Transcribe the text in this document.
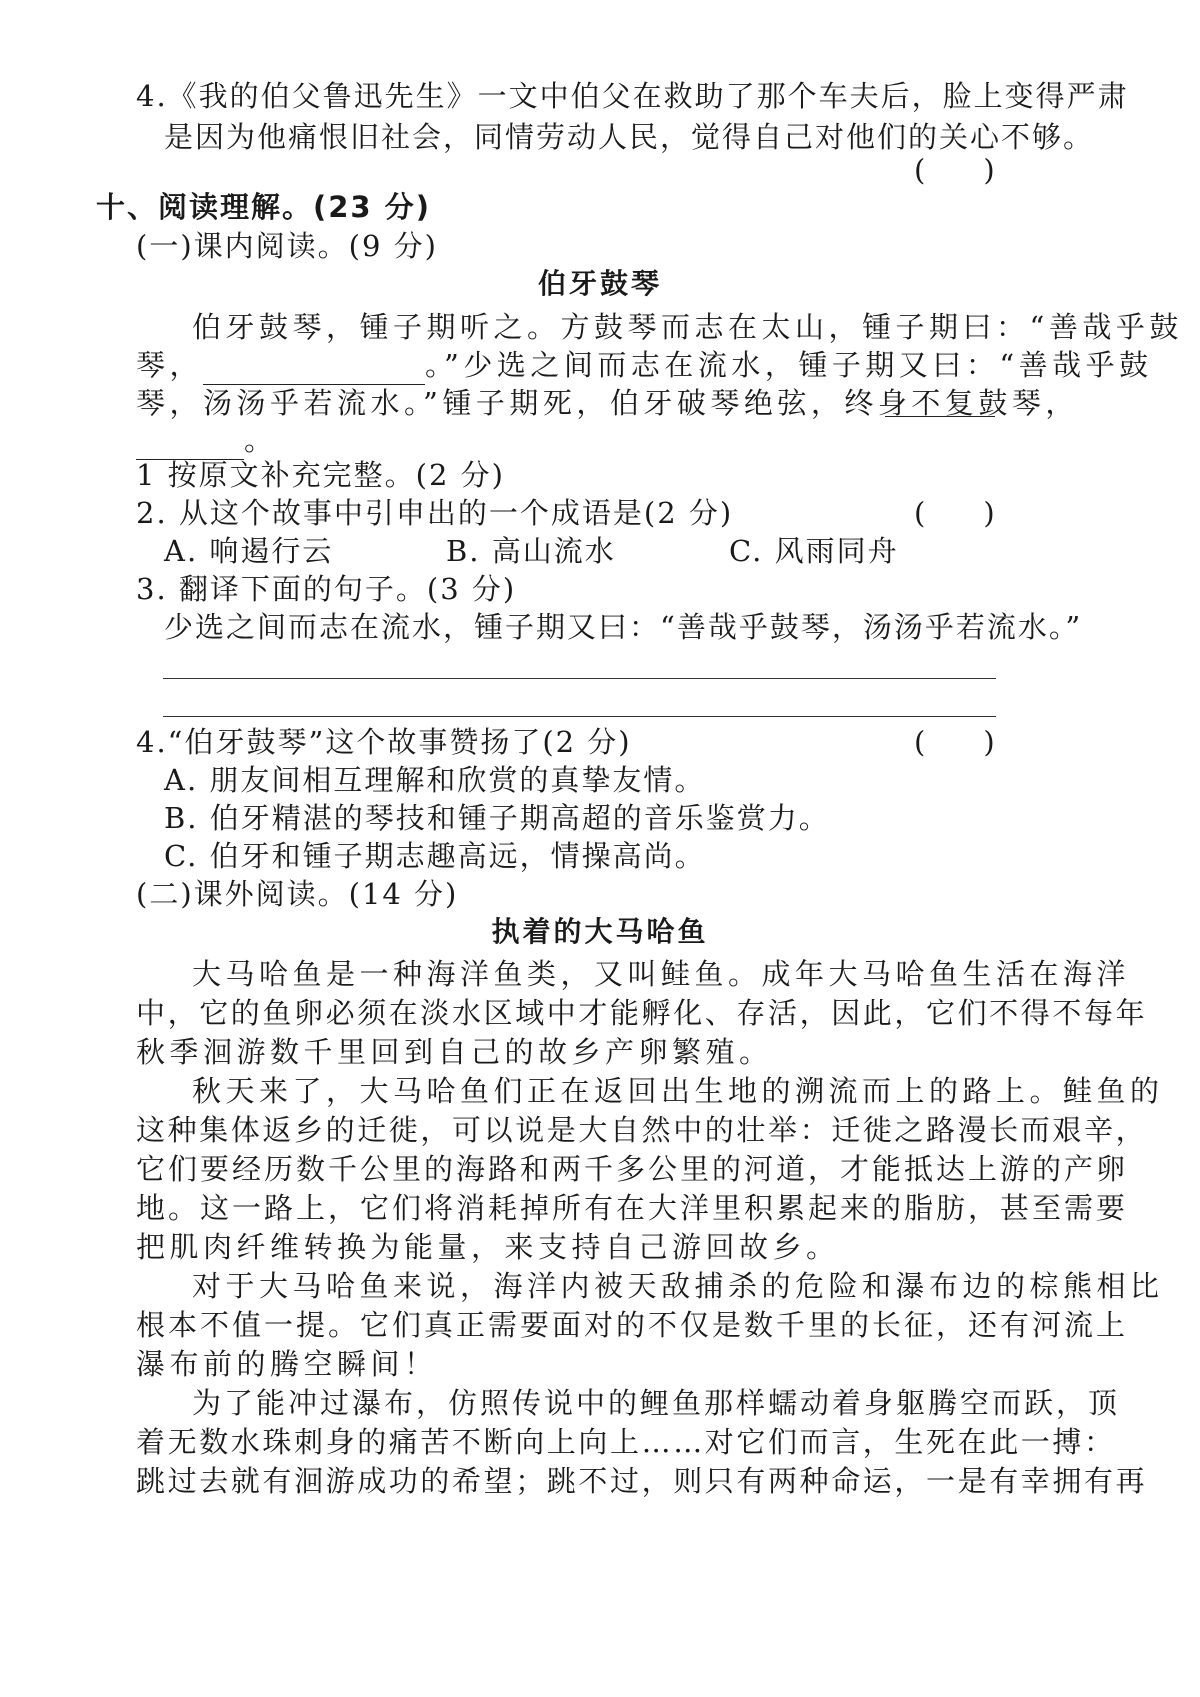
4.《我的伯父鲁迅先生》一文中伯父在救助了那个车夫后，脸上变得严肃
是因为他痛恨旧社会，同情劳动人民，觉得自己对他们的关心不够。
(　　)
十、阅读理解。(23 分)
(一)课内阅读。(9 分)
伯牙鼓琴
伯牙鼓琴，锺子期听之。方鼓琴而志在太山，锺子期曰：“善哉乎鼓
琴，	。”少选之间而志在流水，锺子期又曰：“善哉乎鼓
琴，汤汤乎若流水。”锺子期死，伯牙破琴绝弦，终身不复鼓琴，
。
1 按原文补充完整。(2 分)
2. 从这个故事中引申出的一个成语是(2 分)	(　　)
A. 响遏行云	B. 高山流水	C. 风雨同舟
3. 翻译下面的句子。(3 分)
少选之间而志在流水，锺子期又曰：“善哉乎鼓琴，汤汤乎若流水。”
4.“伯牙鼓琴”这个故事赞扬了(2 分)	(　　)
A. 朋友间相互理解和欣赏的真挚友情。
B. 伯牙精湛的琴技和锺子期高超的音乐鉴赏力。
C. 伯牙和锺子期志趣高远，情操高尚。
(二)课外阅读。(14 分)
执着的大马哈鱼
大马哈鱼是一种海洋鱼类，又叫鲑鱼。成年大马哈鱼生活在海洋
中，它的鱼卵必须在淡水区域中才能孵化、存活，因此，它们不得不每年
秋季洄游数千里回到自己的故乡产卵繁殖。
秋天来了，大马哈鱼们正在返回出生地的溯流而上的路上。鲑鱼的
这种集体返乡的迁徙，可以说是大自然中的壮举：迁徙之路漫长而艰辛，
它们要经历数千公里的海路和两千多公里的河道，才能抵达上游的产卵
地。这一路上，它们将消耗掉所有在大洋里积累起来的脂肪，甚至需要
把肌肉纤维转换为能量，来支持自己游回故乡。
对于大马哈鱼来说，海洋内被天敌捕杀的危险和瀑布边的棕熊相比
根本不值一提。它们真正需要面对的不仅是数千里的长征，还有河流上
瀑布前的腾空瞬间！
为了能冲过瀑布，仿照传说中的鲤鱼那样蠕动着身躯腾空而跃，顶
着无数水珠刺身的痛苦不断向上向上……对它们而言，生死在此一搏：
跳过去就有洄游成功的希望；跳不过，则只有两种命运，一是有幸拥有再
